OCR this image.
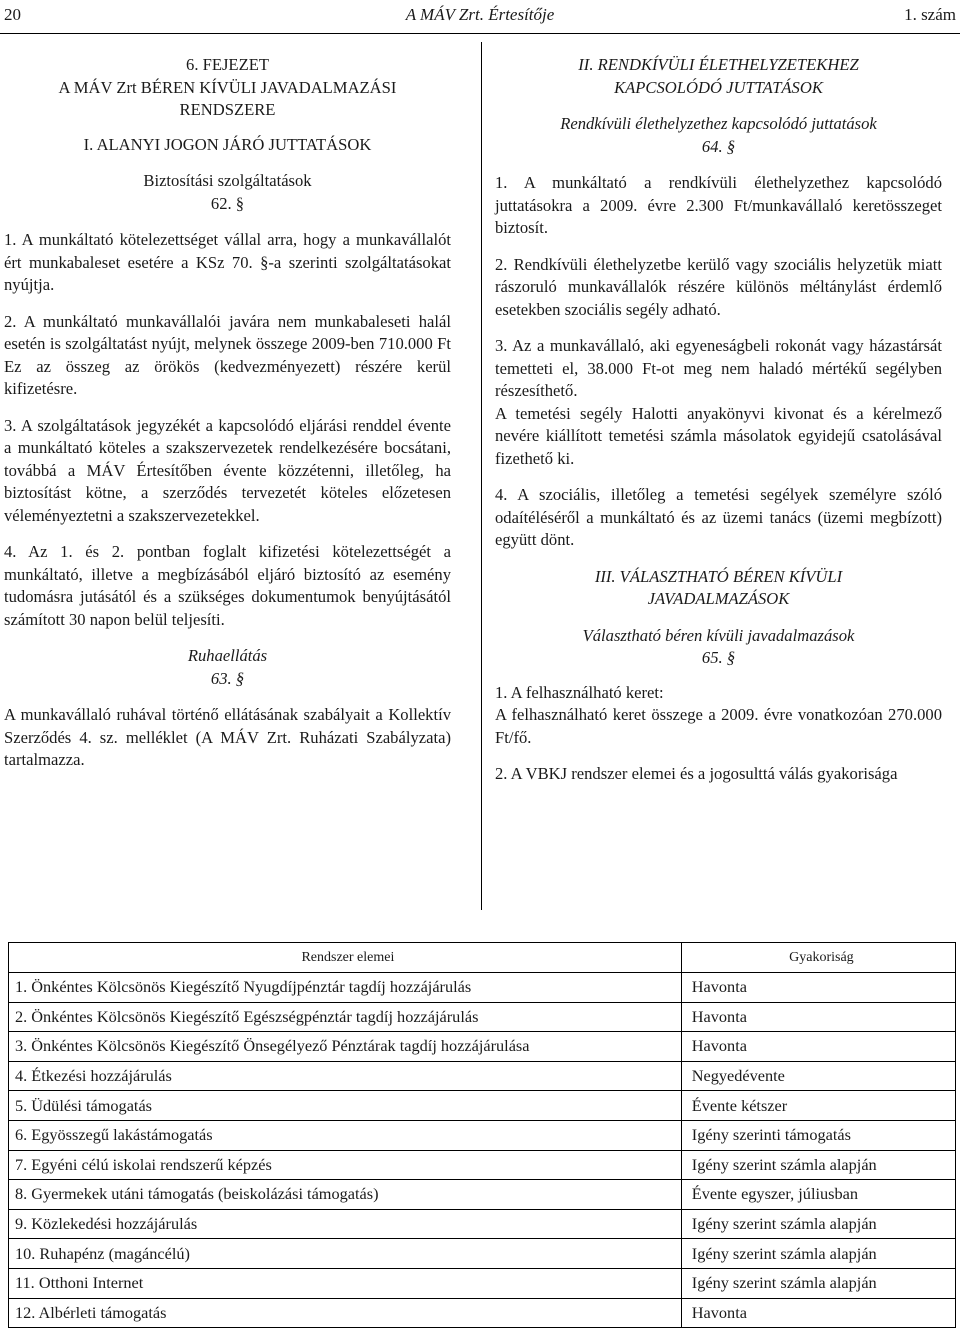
20	A MÁV Zrt. Értesítője	1. szám
6. FEJEZET
A MÁV Zrt BÉREN KÍVÜLI JAVADALMAZÁSI
RENDSZERE
I. ALANYI JOGON JÁRÓ JUTTATÁSOK
Biztosítási szolgáltatások
62. §

1. A munkáltató kötelezettséget vállal arra, hogy a munkavállalót ért munkabaleset esetére a KSz 70. §-a szerinti szolgáltatásokat nyújtja.

2. A munkáltató munkavállalói javára nem munkabaleseti halál esetén is szolgáltatást nyújt, melynek összege 2009-ben 710.000 Ft Ez az összeg az örökös (kedvezményezett) részére kerül kifizetésre.

3. A szolgáltatások jegyzékét a kapcsolódó eljárási renddel évente a munkáltató köteles a szakszervezetek rendelkezésére bocsátani, továbbá a MÁV Értesítőben évente közzétenni, illetőleg, ha biztosítást kötne, a szerződés tervezetét köteles előzetesen véleményeztetni a szakszervezetekkel.

4. Az 1. és 2. pontban foglalt kifizetési kötelezettségét a munkáltató, illetve a megbízásából eljáró biztosító az esemény tudomásra jutásától és a szükséges dokumentumok benyújtásától számított 30 napon belül teljesíti.

Ruhaellátás
63. §

A munkavállaló ruhával történő ellátásának szabályait a Kollektív Szerződés 4. sz. melléklet (A MÁV Zrt. Ruházati Szabályzata) tartalmazza.

II. RENDKÍVÜLI ÉLETHELYZETEKHEZ
KAPCSOLÓDÓ JUTTATÁSOK
Rendkívüli élethelyzethez kapcsolódó juttatások
64. §

1. A munkáltató a rendkívüli élethelyzethez kapcsolódó juttatásokra a 2009. évre 2.300 Ft/munkavállaló keretösszeget biztosít.

2. Rendkívüli élethelyzetbe kerülő vagy szociális helyzetük miatt rászoruló munkavállalók részére különös méltánylást érdemlő esetekben szociális segély adható.

3. Az a munkavállaló, aki egyeneságbeli rokonát vagy házastársát temetteti el, 38.000 Ft-ot meg nem haladó mértékű segélyben részesíthető.

A temetési segély Halotti anyakönyvi kivonat és a kérelmező nevére kiállított temetési számla másolatok egyidejű csatolásával fizethető ki.

4. A szociális, illetőleg a temetési segélyek személyre szóló odaítéléséről a munkáltató és az üzemi tanács (üzemi megbízott) együtt dönt.

III. VÁLASZTHATÓ BÉREN KÍVÜLI
JAVADALMAZÁSOK
Választható béren kívüli javadalmazások
65. §

1. A felhasználható keret:

A felhasználható keret összege a 2009. évre vonatkozóan 270.000 Ft/fő.

2. A VBKJ rendszer elemei és a jogosulttá válás gyakorisága

Rendszer elemei	Gyakoriság
1. Önkéntes Kölcsönös Kiegészítő Nyugdíjpénztár tagdíj hozzájárulás	Havonta
2. Önkéntes Kölcsönös Kiegészítő Egészségpénztár tagdíj hozzájárulás	Havonta
3. Önkéntes Kölcsönös Kiegészítő Önsegélyező Pénztárak tagdíj hozzájárulása	Havonta
4. Étkezési hozzájárulás	Negyedévente
5. Üdülési támogatás	Évente kétszer
6. Egyösszegű lakástámogatás	Igény szerinti támogatás
7. Egyéni célú iskolai rendszerű képzés	Igény szerint számla alapján
8. Gyermekek utáni támogatás (beiskolázási támogatás)	Évente egyszer, júliusban
9. Közlekedési hozzájárulás	Igény szerint számla alapján
10. Ruhapénz (magáncélú)	Igény szerint számla alapján
11. Otthoni Internet	Igény szerint számla alapján
12. Albérleti támogatás	Havonta
